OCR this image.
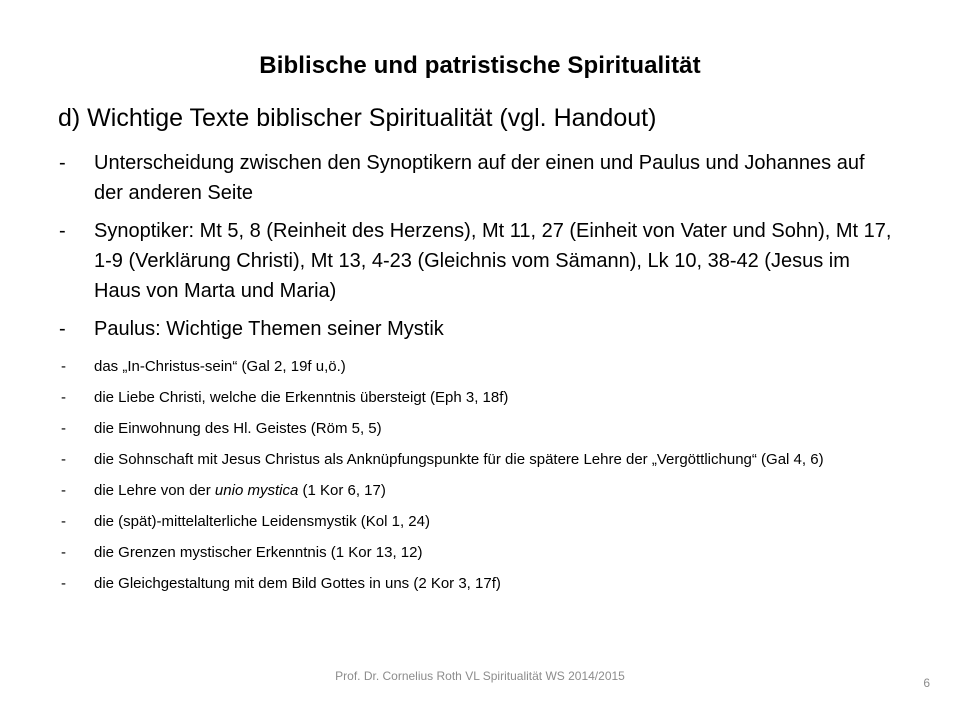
Biblische und patristische Spiritualität
d) Wichtige Texte biblischer Spiritualität (vgl. Handout)
- Unterscheidung zwischen den Synoptikern auf der einen und Paulus und Johannes auf der anderen Seite
- Synoptiker: Mt 5, 8 (Reinheit des Herzens), Mt 11, 27 (Einheit von Vater und Sohn), Mt 17, 1-9 (Verklärung Christi), Mt 13, 4-23 (Gleichnis vom Sämann), Lk 10, 38-42 (Jesus im Haus von Marta und Maria)
- Paulus: Wichtige Themen seiner Mystik
- das „In-Christus-sein“ (Gal 2, 19f u,ö.)
- die Liebe Christi, welche die Erkenntnis übersteigt (Eph 3, 18f)
- die Einwohnung des Hl. Geistes (Röm 5, 5)
- die Sohnschaft mit Jesus Christus als Anknüpfungspunkte für die spätere Lehre der „Vergöttlichung“ (Gal 4, 6)
- die Lehre von der unio mystica (1 Kor 6, 17)
- die (spät)-mittelalterliche Leidensmystik (Kol 1, 24)
- die Grenzen mystischer Erkenntnis (1 Kor 13, 12)
- die Gleichgestaltung mit dem Bild Gottes in uns (2 Kor 3, 17f)
Prof. Dr. Cornelius Roth VL Spiritualität WS 2014/2015	6
